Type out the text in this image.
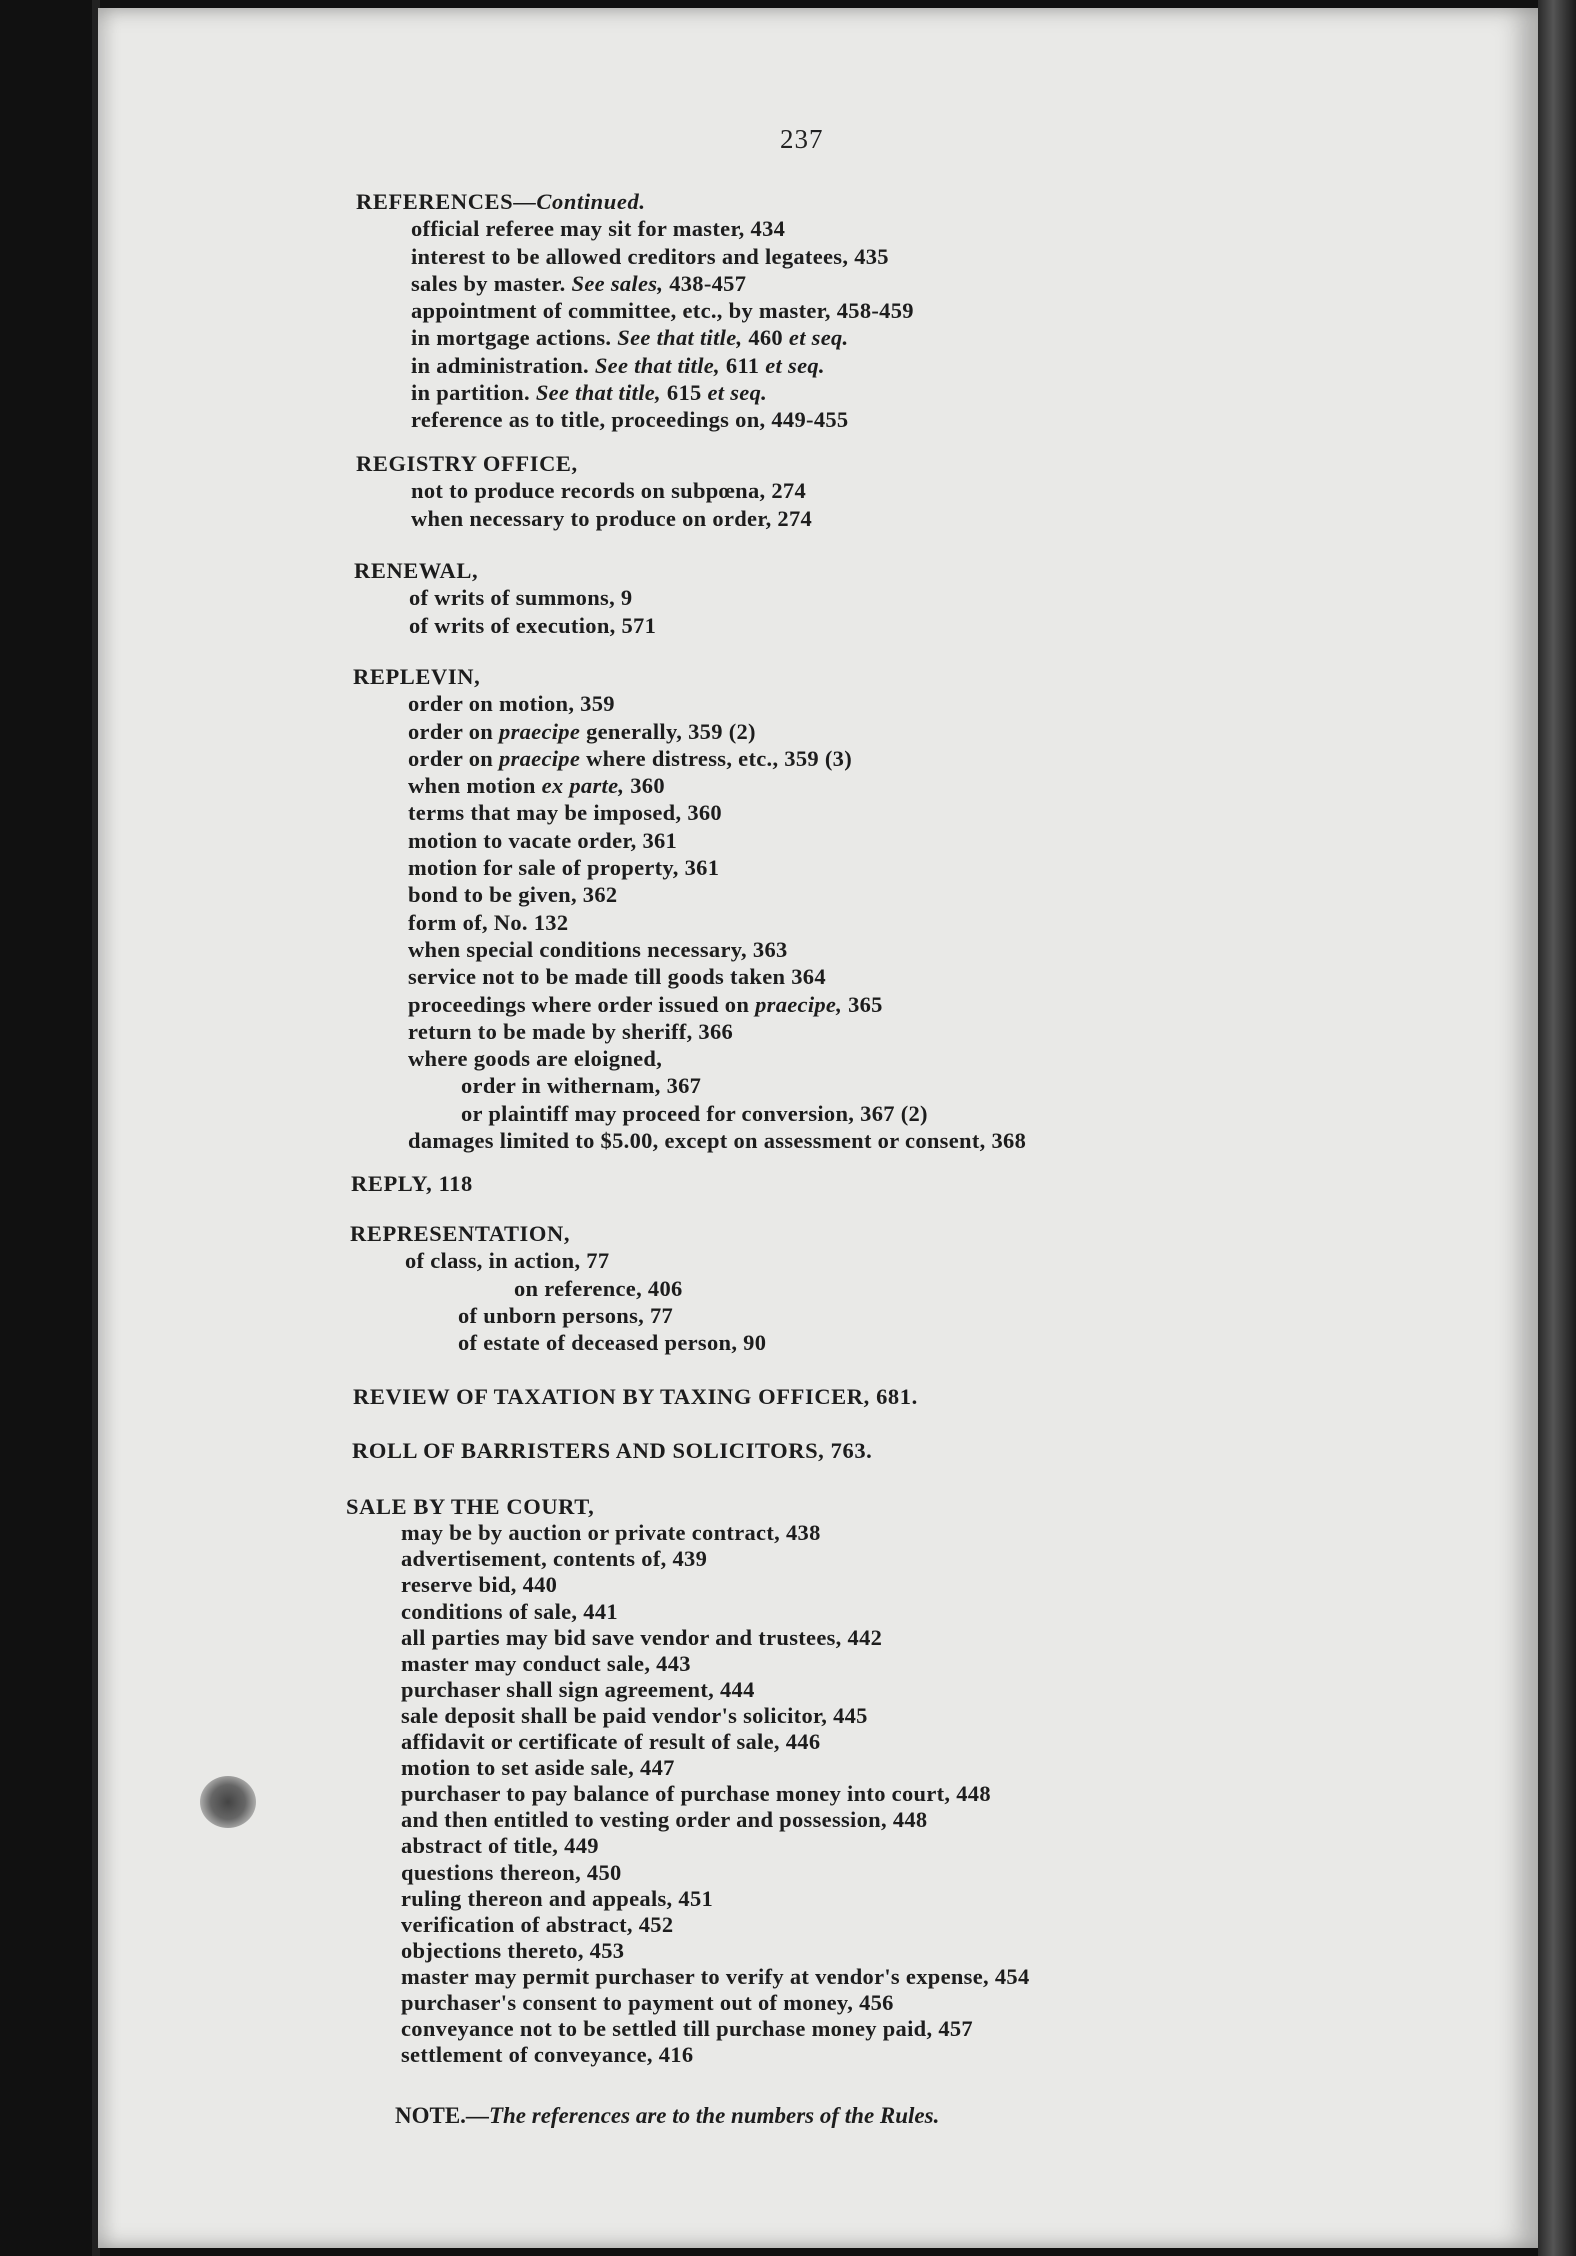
237
REFERENCES—Continued.
official referee may sit for master, 434
interest to be allowed creditors and legatees, 435
sales by master. See sales, 438-457
appointment of committee, etc., by master, 458-459
in mortgage actions. See that title, 460 et seq.
in administration. See that title, 611 et seq.
in partition. See that title, 615 et seq.
reference as to title, proceedings on, 449-455
REGISTRY OFFICE,
not to produce records on subpœna, 274
when necessary to produce on order, 274
RENEWAL,
of writs of summons, 9
of writs of execution, 571
REPLEVIN,
order on motion, 359
order on praecipe generally, 359 (2)
order on praecipe where distress, etc., 359 (3)
when motion ex parte, 360
terms that may be imposed, 360
motion to vacate order, 361
motion for sale of property, 361
bond to be given, 362
form of, No. 132
when special conditions necessary, 363
service not to be made till goods taken 364
proceedings where order issued on praecipe, 365
return to be made by sheriff, 366
where goods are eloigned,
order in withernam, 367
or plaintiff may proceed for conversion, 367 (2)
damages limited to $5.00, except on assessment or consent, 368
REPLY, 118
REPRESENTATION,
of class, in action, 77
on reference, 406
of unborn persons, 77
of estate of deceased person, 90
REVIEW OF TAXATION BY TAXING OFFICER, 681.
ROLL OF BARRISTERS AND SOLICITORS, 763.
SALE BY THE COURT,
may be by auction or private contract, 438
advertisement, contents of, 439
reserve bid, 440
conditions of sale, 441
all parties may bid save vendor and trustees, 442
master may conduct sale, 443
purchaser shall sign agreement, 444
sale deposit shall be paid vendor's solicitor, 445
affidavit or certificate of result of sale, 446
motion to set aside sale, 447
purchaser to pay balance of purchase money into court, 448
and then entitled to vesting order and possession, 448
abstract of title, 449
questions thereon, 450
ruling thereon and appeals, 451
verification of abstract, 452
objections thereto, 453
master may permit purchaser to verify at vendor's expense, 454
purchaser's consent to payment out of money, 456
conveyance not to be settled till purchase money paid, 457
settlement of conveyance, 416
NOTE.—The references are to the numbers of the Rules.
